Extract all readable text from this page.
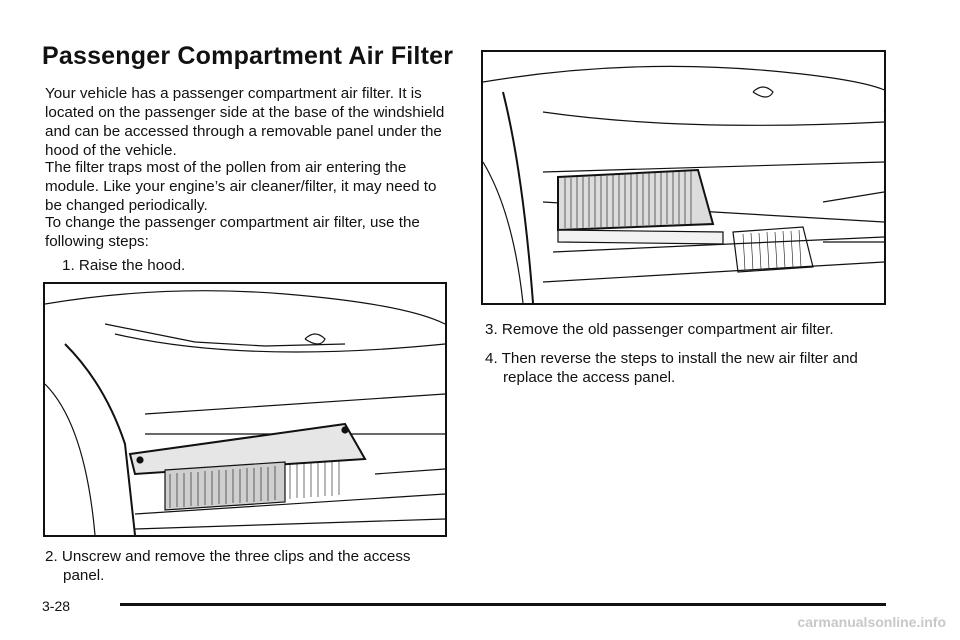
Passenger Compartment Air Filter

Your vehicle has a passenger compartment air filter. It is located on the passenger side at the base of the windshield and can be accessed through a removable panel under the hood of the vehicle.

The filter traps most of the pollen from air entering the module. Like your engine’s air cleaner/filter, it may need to be changed periodically.

To change the passenger compartment air filter, use the following steps:

1. Raise the hood.

2. Unscrew and remove the three clips and the access panel.

3. Remove the old passenger compartment air filter.

4. Then reverse the steps to install the new air filter and replace the access panel.

3-28
carmanualsonline.info
